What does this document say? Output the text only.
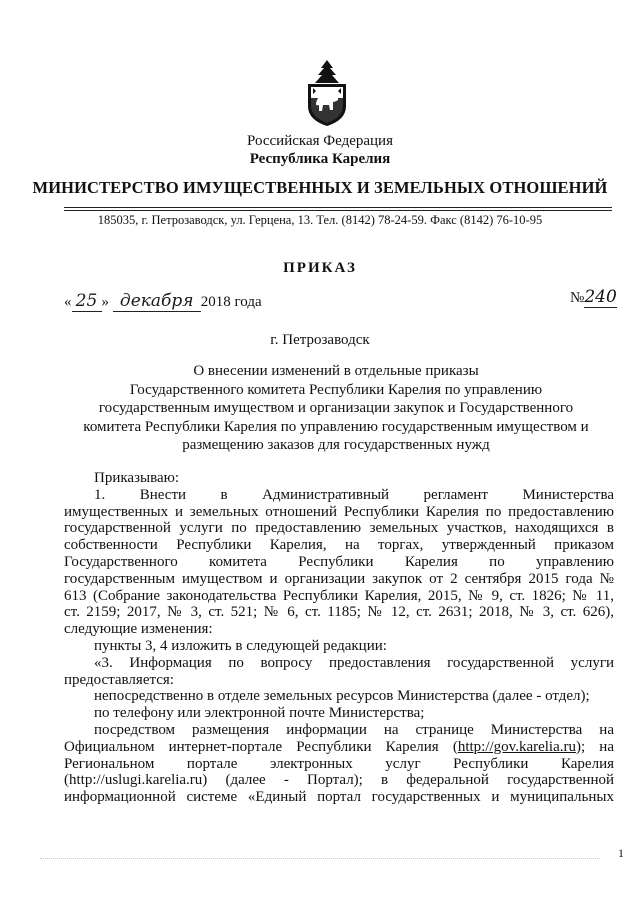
Российская Федерация
Республика Карелия
МИНИСТЕРСТВО ИМУЩЕСТВЕННЫХ И ЗЕМЕЛЬНЫХ ОТНОШЕНИЙ
185035, г. Петрозаводск, ул. Герцена, 13. Тел. (8142) 78-24-59. Факс (8142) 76-10-95
ПРИКАЗ
« 25 » декабря 2018 года	№240
г. Петрозаводск
О внесении изменений в отдельные приказы
Государственного комитета Республики Карелия по управлению
государственным имуществом и организации закупок и Государственного
комитета Республики Карелия по управлению государственным имуществом и
размещению заказов для государственных нужд

Приказываю:

1. Внести в Административный регламент Министерства

имущественных и земельных отношений Республики Карелия по предоставлению

государственной услуги по предоставлению земельных участков, находящихся в

собственности Республики Карелия, на торгах, утвержденный приказом

Государственного комитета Республики Карелия по управлению

государственным имуществом и организации закупок от 2 сентября 2015 года №

613 (Собрание законодательства Республики Карелия, 2015, № 9, ст. 1826; № 11,

ст. 2159; 2017, № 3, ст. 521; № 6, ст. 1185; № 12, ст. 2631; 2018, № 3, ст. 626),

следующие изменения:

пункты 3, 4 изложить в следующей редакции:

«3. Информация по вопросу предоставления государственной услуги

предоставляется:

непосредственно в отделе земельных ресурсов Министерства (далее - отдел);

по телефону или электронной почте Министерства;

посредством размещения информации на странице Министерства на

Официальном интернет-портале Республики Карелия (http://gov.karelia.ru); на

Региональном портале электронных услуг Республики Карелия

(http://uslugi.karelia.ru) (далее - Портал); в федеральной государственной

информационной системе «Единый портал государственных и муниципальных

1
